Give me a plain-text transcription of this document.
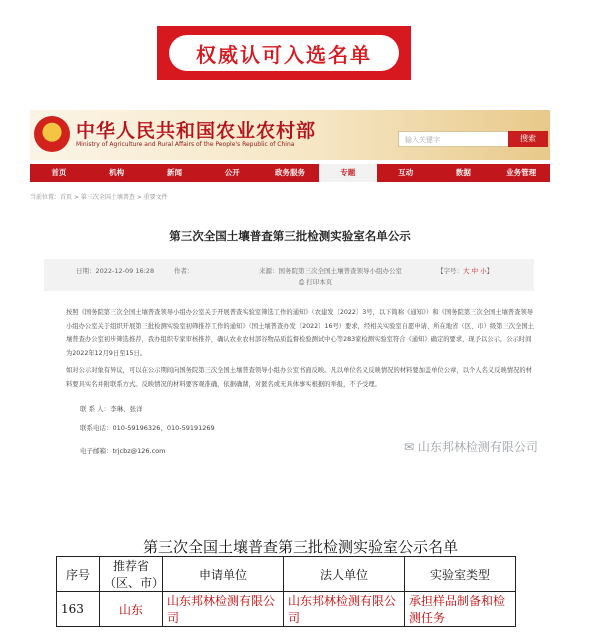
权威认可入选名单
中华人民共和国农业农村部
Ministry of Agriculture and Rural Affairs of the People's Republic of China
输入关键字	搜索
首页	机构	新闻	公开	政务服务	专题	互动	数据	业务管理
当前位置：首页 > 第三次全国土壤普查 > 重要文件
第三次全国土壤普查第三批检测实验室名单公示
日期：2022-12-09 16:28	作者：	来源：国务院第三次全国土壤普查领导小组办公室
⎙ 打印本页
【字号：大 中 小】
按照《国务院第三次全国土壤普查领导小组办公室关于开展普查实验室筛选工作的通知》（农建发〔2022〕3号，以下简称《通知》）和《国务院第三次全国土壤普查领导小组办公室关于组织开展第三批检测实验室初筛推荐工作的通知》（国土壤普查办发〔2022〕16号）要求，经相关实验室自愿申请、所在地省（区、市）级第三次全国土壤普查办公室初步筛选推荐，我办组织专家审核推荐，确认农业农村部谷物品质监督检验测试中心等283家检测实验室符合《通知》确定的要求，现予以公示，公示时间为2022年12月9日至15日。
如对公示对象有异议，可以在公示期间向国务院第三次全国土壤普查领导小组办公室书面反映。凡以单位名义反映情况的材料要加盖单位公章，以个人名义反映情况的材料要具实名并附联系方式。反映情况的材料要客观准确，依据确凿，对匿名或无具体事实根据的举报，不予受理。
联 系 人：李琳、张洋
联系电话：010-59196326、010-59191269
电子邮箱：trjcbz@126.com	✉ 山东邦林检测有限公司
第三次全国土壤普查第三批检测实验室公示名单
序号	推荐省（区、市）	申请单位	法人单位	实验室类型
163	山东	山东邦林检测有限公司	山东邦林检测有限公司	承担样品制备和检测任务
